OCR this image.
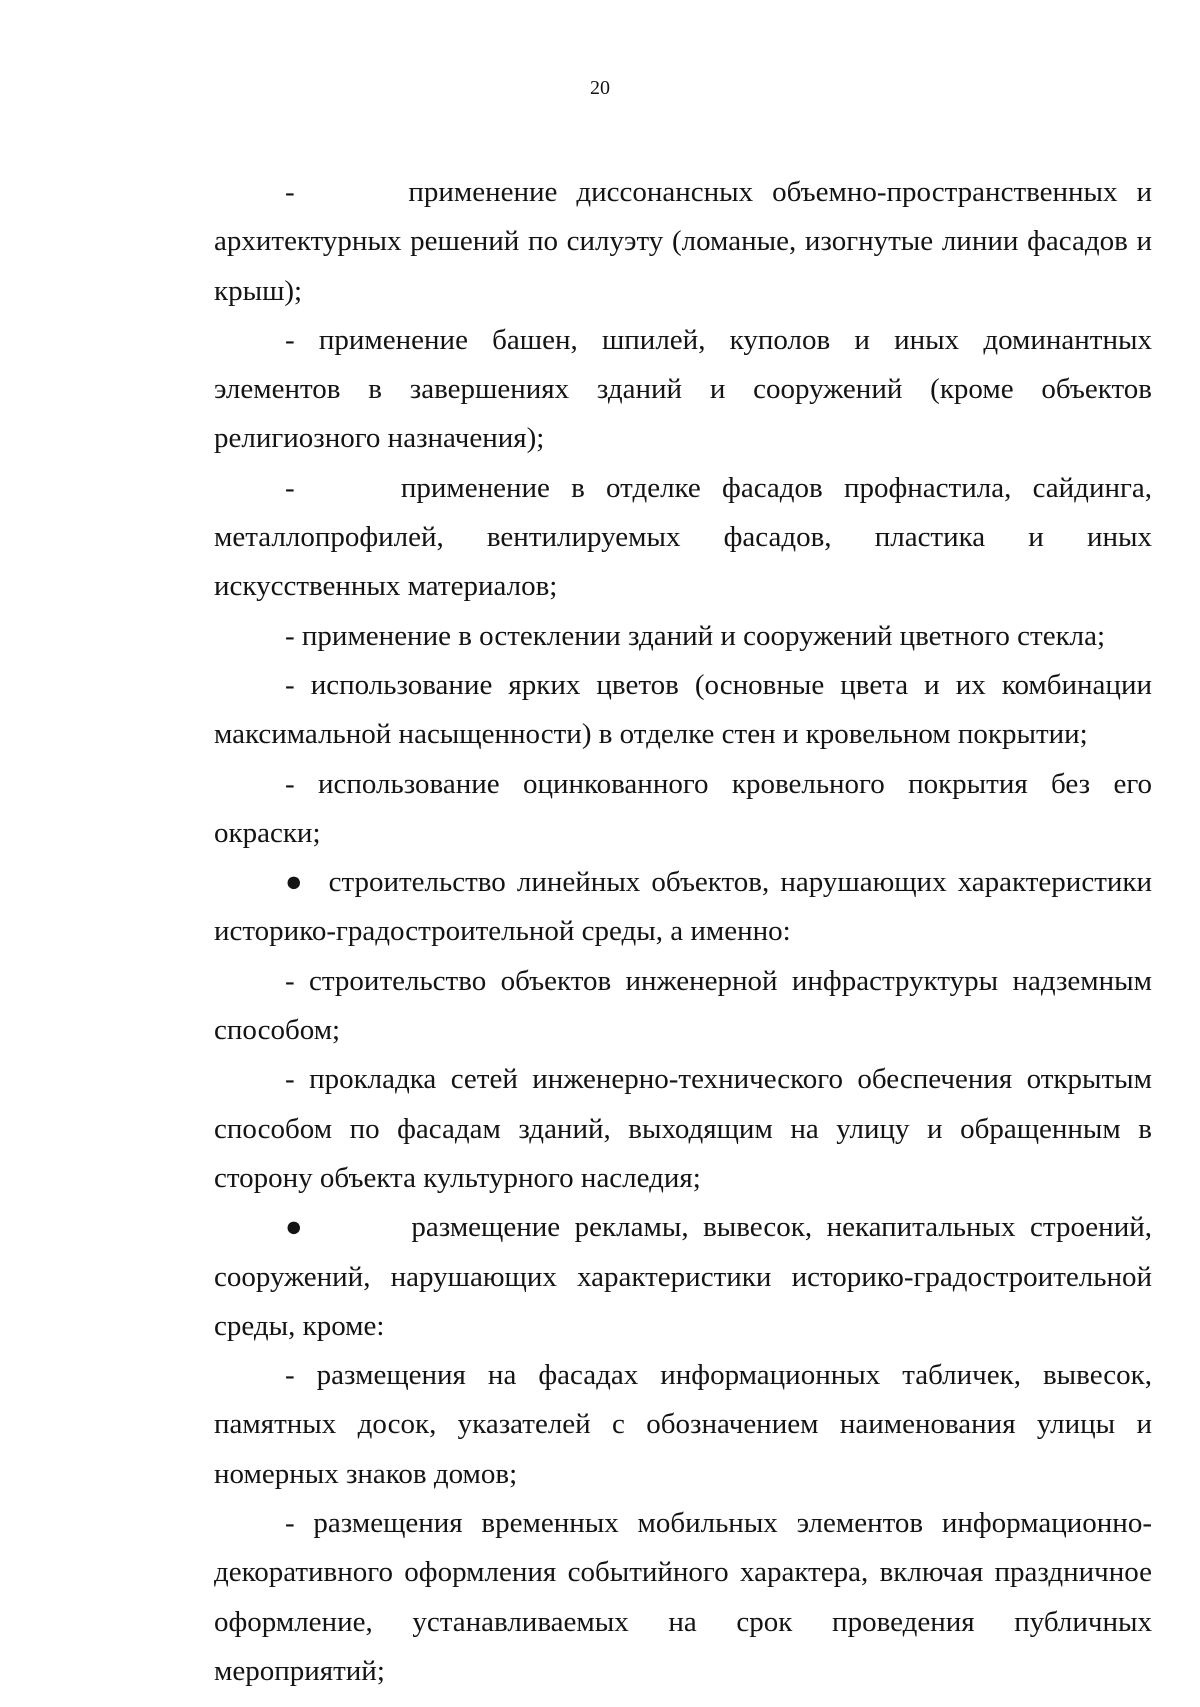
20

-      применение диссонансных объемно-пространственных и архитектурных решений по силуэту (ломаные, изогнутые линии фасадов и крыш);

- применение башен, шпилей, куполов и иных доминантных элементов в завершениях зданий и сооружений (кроме объектов религиозного назначения);

-     применение в отделке фасадов профнастила, сайдинга, металлопрофилей, вентилируемых фасадов, пластика и иных искусственных материалов;

- применение в остеклении зданий и сооружений цветного стекла;

- использование ярких цветов (основные цвета и их комбинации максимальной насыщенности) в отделке стен и кровельном покрытии;

- использование оцинкованного кровельного покрытия без его окраски;

●  строительство линейных объектов, нарушающих характеристики историко-градостроительной среды, а именно:

- строительство объектов инженерной инфраструктуры надземным способом;

- прокладка сетей инженерно-технического обеспечения открытым способом по фасадам зданий, выходящим на улицу и обращенным в сторону объекта культурного наследия;

●       размещение рекламы, вывесок, некапитальных строений, сооружений, нарушающих характеристики историко-градостроительной среды, кроме:

- размещения на фасадах информационных табличек, вывесок, памятных досок, указателей с обозначением наименования улицы и номерных знаков домов;

- размещения временных мобильных элементов информационно-декоративного оформления событийного характера, включая праздничное оформление, устанавливаемых на срок проведения публичных мероприятий;
